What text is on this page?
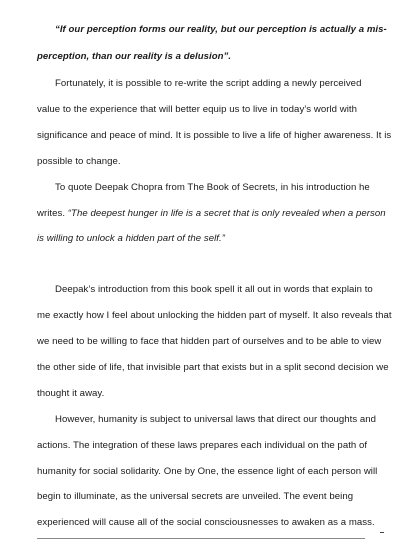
“If our perception forms our reality, but our perception is actually a mis-
perception, than our reality is a delusion”.
Fortunately, it is possible to re-write the script adding a newly perceived
value to the experience that will better equip us to live in today’s world with
significance and peace of mind. It is possible to live a life of higher awareness. It is
possible to change.
To quote Deepak Chopra from The Book of Secrets, in his introduction he
writes. “The deepest hunger in life is a secret that is only revealed when a person
is willing to unlock a hidden part of the self.”
Deepak’s introduction from this book spell it all out in words that explain to
me exactly how I feel about unlocking the hidden part of myself. It also reveals that
we need to be willing to face that hidden part of ourselves and to be able to view
the other side of life, that invisible part that exists but in a split second decision we
thought it away.
However, humanity is subject to universal laws that direct our thoughts and
actions. The integration of these laws prepares each individual on the path of
humanity for social solidarity. One by One, the essence light of each person will
begin to illuminate, as the universal secrets are unveiled. The event being
experienced will cause all of the social consciousnesses to awaken as a mass.
